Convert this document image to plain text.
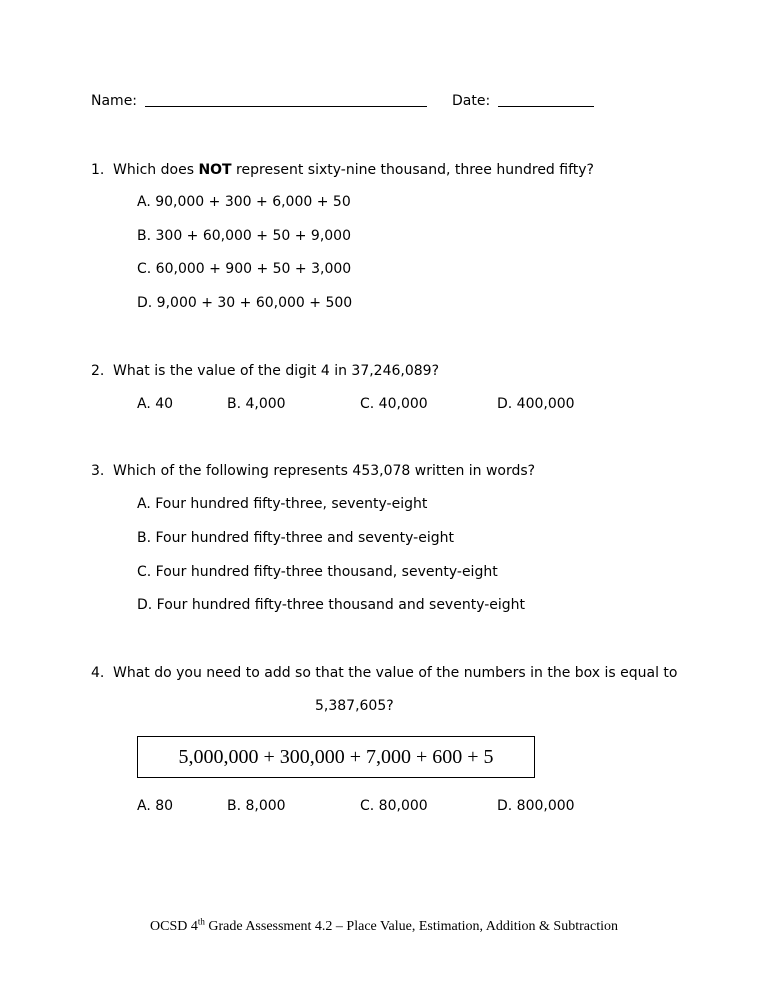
Name:	Date:
1. Which does NOT represent sixty-nine thousand, three hundred fifty?
A. 90,000 + 300 + 6,000 + 50
B. 300 + 60,000 + 50 + 9,000
C. 60,000 + 900 + 50 + 3,000
D. 9,000 + 30 + 60,000 + 500
2. What is the value of the digit 4 in 37,246,089?
A. 40	B. 4,000	C. 40,000	D. 400,000
3. Which of the following represents 453,078 written in words?
A. Four hundred fifty-three, seventy-eight
B. Four hundred fifty-three and seventy-eight
C. Four hundred fifty-three thousand, seventy-eight
D. Four hundred fifty-three thousand and seventy-eight
4. What do you need to add so that the value of the numbers in the box is equal to
5,387,605?
5,000,000 + 300,000 + 7,000 + 600 + 5
A. 80	B. 8,000	C. 80,000	D. 800,000
OCSD 4th Grade Assessment 4.2 – Place Value, Estimation, Addition & Subtraction
